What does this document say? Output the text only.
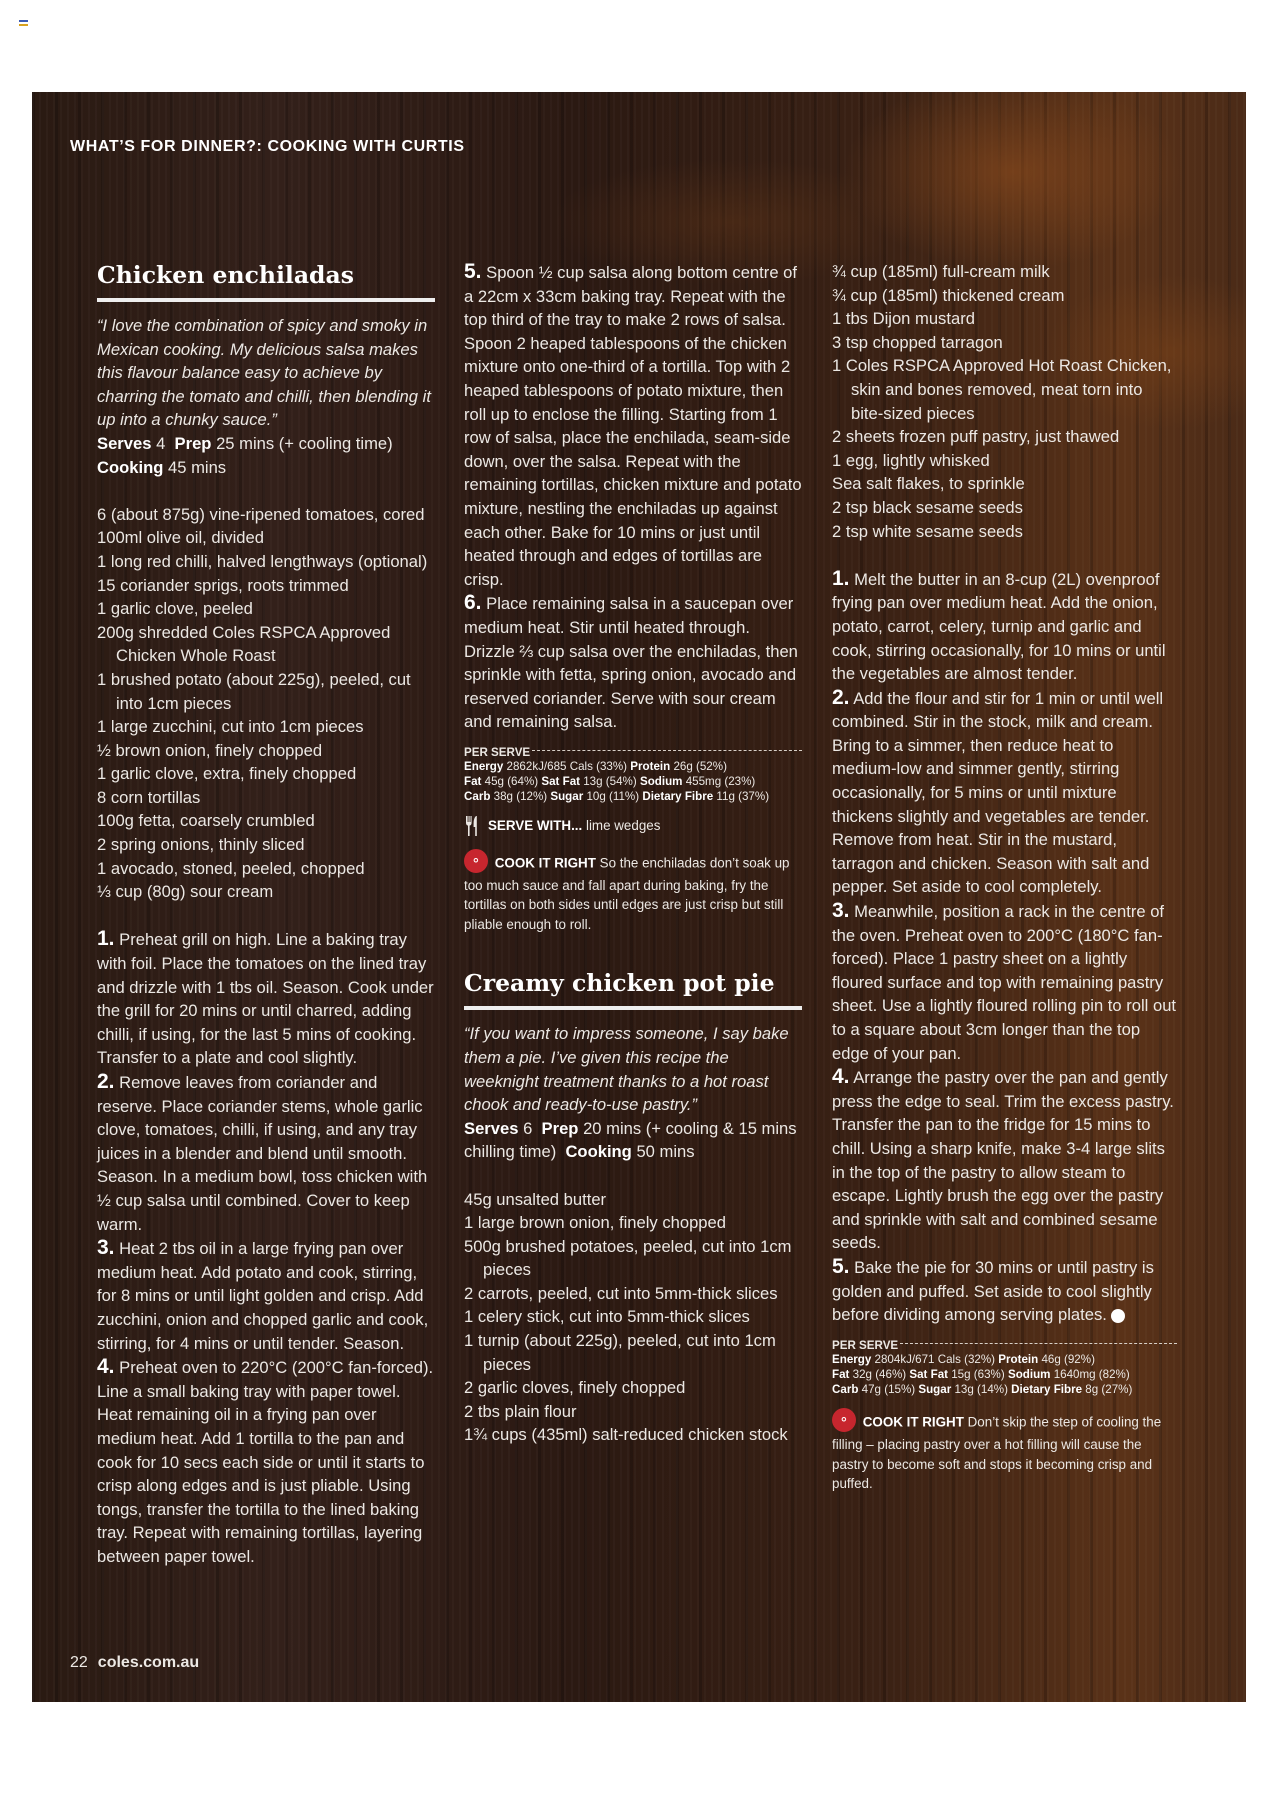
WHAT’S FOR DINNER?: COOKING WITH CURTIS
Chicken enchiladas

“I love the combination of spicy and smoky in Mexican cooking. My delicious salsa makes this flavour balance easy to achieve by charring the tomato and chilli, then blending it up into a chunky sauce.”

Serves 4 Prep 25 mins (+ cooling time)
Cooking 45 mins

6 (about 875g) vine-ripened tomatoes, cored

100ml olive oil, divided

1 long red chilli, halved lengthways (optional)

15 coriander sprigs, roots trimmed

1 garlic clove, peeled

200g shredded Coles RSPCA Approved Chicken Whole Roast

1 brushed potato (about 225g), peeled, cut into 1cm pieces

1 large zucchini, cut into 1cm pieces

½ brown onion, finely chopped

1 garlic clove, extra, finely chopped

8 corn tortillas

100g fetta, coarsely crumbled

2 spring onions, thinly sliced

1 avocado, stoned, peeled, chopped

⅓ cup (80g) sour cream

1. Preheat grill on high. Line a baking tray with foil. Place the tomatoes on the lined tray and drizzle with 1 tbs oil. Season. Cook under the grill for 20 mins or until charred, adding chilli, if using, for the last 5 mins of cooking. Transfer to a plate and cool slightly.

2. Remove leaves from coriander and reserve. Place coriander stems, whole garlic clove, tomatoes, chilli, if using, and any tray juices in a blender and blend until smooth. Season. In a medium bowl, toss chicken with ½ cup salsa until combined. Cover to keep warm.

3. Heat 2 tbs oil in a large frying pan over medium heat. Add potato and cook, stirring, for 8 mins or until light golden and crisp. Add zucchini, onion and chopped garlic and cook, stirring, for 4 mins or until tender. Season.

4. Preheat oven to 220°C (200°C fan-forced). Line a small baking tray with paper towel. Heat remaining oil in a frying pan over medium heat. Add 1 tortilla to the pan and cook for 10 secs each side or until it starts to crisp along edges and is just pliable. Using tongs, transfer the tortilla to the lined baking tray. Repeat with remaining tortillas, layering between paper towel.

5. Spoon ½ cup salsa along bottom centre of a 22cm x 33cm baking tray. Repeat with the top third of the tray to make 2 rows of salsa. Spoon 2 heaped tablespoons of the chicken mixture onto one-third of a tortilla. Top with 2 heaped tablespoons of potato mixture, then roll up to enclose the filling. Starting from 1 row of salsa, place the enchilada, seam-side down, over the salsa. Repeat with the remaining tortillas, chicken mixture and potato mixture, nestling the enchiladas up against each other. Bake for 10 mins or just until heated through and edges of tortillas are crisp.

6. Place remaining salsa in a saucepan over medium heat. Stir until heated through. Drizzle ⅔ cup salsa over the enchiladas, then sprinkle with fetta, spring onion, avocado and reserved coriander. Serve with sour cream and remaining salsa.

PER SERVE
Energy 2862kJ/685 Cals (33%) Protein 26g (52%)
Fat 45g (64%) Sat Fat 13g (54%) Sodium 455mg (23%)
Carb 38g (12%) Sugar 10g (11%) Dietary Fibre 11g (37%)
SERVE WITH...
lime wedges
⚬ COOK IT RIGHT So the enchiladas don’t soak up too much sauce and fall apart during baking, fry the tortillas on both sides until edges are just crisp but still pliable enough to roll.
Creamy chicken pot pie

“If you want to impress someone, I say bake them a pie. I’ve given this recipe the weeknight treatment thanks to a hot roast chook and ready-to-use pastry.”

Serves 6 Prep 20 mins (+ cooling & 15 mins chilling time) Cooking 50 mins

45g unsalted butter

1 large brown onion, finely chopped

500g brushed potatoes, peeled, cut into 1cm pieces

2 carrots, peeled, cut into 5mm-thick slices

1 celery stick, cut into 5mm-thick slices

1 turnip (about 225g), peeled, cut into 1cm pieces

2 garlic cloves, finely chopped

2 tbs plain flour

1¾ cups (435ml) salt-reduced chicken stock

¾ cup (185ml) full-cream milk

¾ cup (185ml) thickened cream

1 tbs Dijon mustard

3 tsp chopped tarragon

1 Coles RSPCA Approved Hot Roast Chicken, skin and bones removed, meat torn into bite-sized pieces

2 sheets frozen puff pastry, just thawed

1 egg, lightly whisked

Sea salt flakes, to sprinkle

2 tsp black sesame seeds

2 tsp white sesame seeds

1. Melt the butter in an 8-cup (2L) ovenproof frying pan over medium heat. Add the onion, potato, carrot, celery, turnip and garlic and cook, stirring occasionally, for 10 mins or until the vegetables are almost tender.

2. Add the flour and stir for 1 min or until well combined. Stir in the stock, milk and cream. Bring to a simmer, then reduce heat to medium-low and simmer gently, stirring occasionally, for 5 mins or until mixture thickens slightly and vegetables are tender. Remove from heat. Stir in the mustard, tarragon and chicken. Season with salt and pepper. Set aside to cool completely.

3. Meanwhile, position a rack in the centre of the oven. Preheat oven to 200°C (180°C fan-forced). Place 1 pastry sheet on a lightly floured surface and top with remaining pastry sheet. Use a lightly floured rolling pin to roll out to a square about 3cm longer than the top edge of your pan.

4. Arrange the pastry over the pan and gently press the edge to seal. Trim the excess pastry. Transfer the pan to the fridge for 15 mins to chill. Using a sharp knife, make 3-4 large slits in the top of the pastry to allow steam to escape. Lightly brush the egg over the pastry and sprinkle with salt and combined sesame seeds.

5. Bake the pie for 30 mins or until pastry is golden and puffed. Set aside to cool slightly before dividing among serving plates.

PER SERVE
Energy 2804kJ/671 Cals (32%) Protein 46g (92%)
Fat 32g (46%) Sat Fat 15g (63%) Sodium 1640mg (82%)
Carb 47g (15%) Sugar 13g (14%) Dietary Fibre 8g (27%)
⚬ COOK IT RIGHT Don’t skip the step of cooling the filling – placing pastry over a hot filling will cause the pastry to become soft and stops it becoming crisp and puffed.
22 coles.com.au
